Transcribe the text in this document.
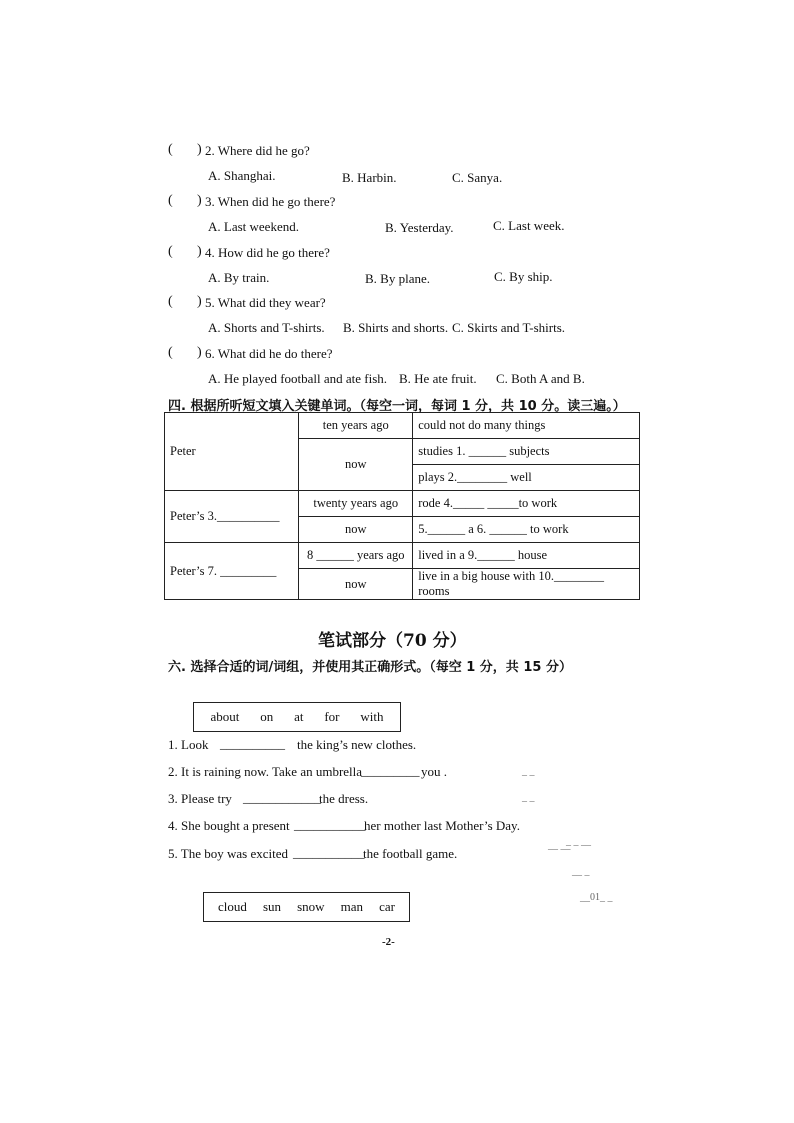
( ) 2. Where did he go?
A. Shanghai.	B. Harbin.	C. Sanya.
( ) 3. When did he go there?
A. Last weekend.	B. Yesterday.	C. Last week.
( ) 4. How did he go there?
A. By train.	B. By plane.	C. By ship.
( ) 5. What did they wear?
A. Shorts and T-shirts. B. Shirts and shorts. C. Skirts and T-shirts.
( ) 6. What did he do there?
A. He played football and ate fish. B. He ate fruit. C. Both A and B.
四. 根据所听短文填入关键单词。（每空一词，每词 1 分，共 10 分。读三遍。）
Peter	ten years ago	could not do many things
	now	studies 1. ______ subjects
		plays 2.________ well
Peter’s 3.__________	twenty years ago	rode 4._____ _____to work
	now	5.______ a 6. ______ to work
Peter’s 7. _________	8 ______ years ago	lived in a 9.______ house
	now	live in a big house with 10.________ rooms
笔试部分（70 分）
六. 选择合适的词/词组，并使用其正确形式。（每空 1 分，共 15 分）
about on at for with
1. Look __________ the king’s new clothes.
2. It is raining now. Take an umbrella
_________ you .
3. Please try ____________
the dress.
4. She bought a present ___________
her mother last Mother’s Day.
5. The boy was excited ___________
the football game.
cloud sun snow man car
_ _
_ _
__ __
_ _ __
__ _
__01_ _
-2-
